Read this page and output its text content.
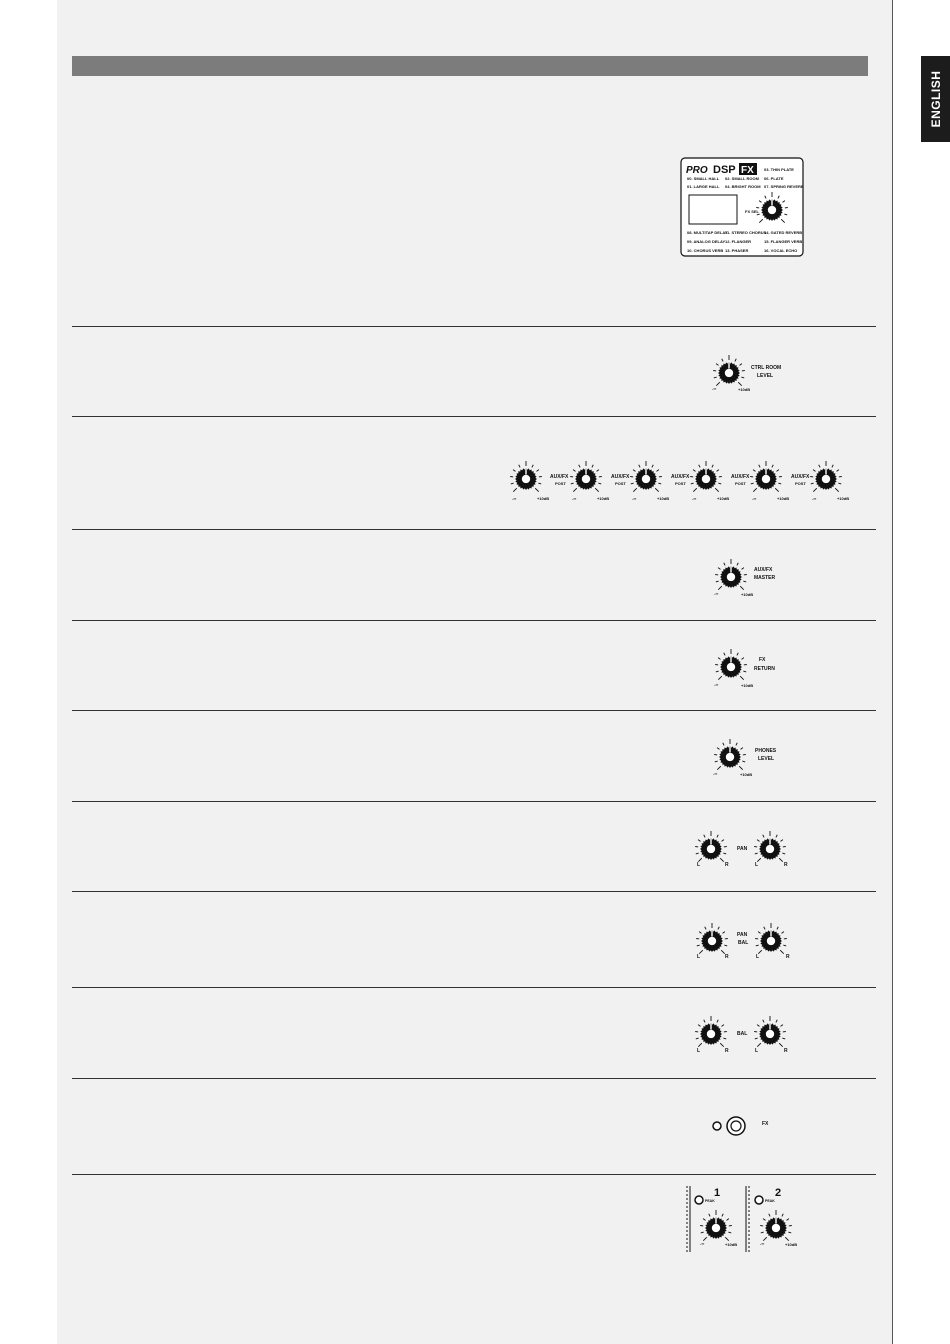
ENGLISH
PRO DSP FX	03. THIN PLATE
00. SMALL HALL 02. SMALL ROOM 06. PLATE
01. LARGE HALL 04. BRIGHT ROOM 07. SPRING REVERB
FX SEL
08. MULTITAP DELAY
11. STEREO CHORUS
14. GATED REVERB
09. ANALOG DELAY 12. FLANGER	15. FLANGER VERB
10. CHORUS VERB 13. PHASER	16. VOCAL ECHO
CTRL ROOM
LEVEL
-∞	+10dB
AUX/FX
POST
AUX/FX
POST
AUX/FX
POST
AUX/FX
POST
AUX/FX
POST
-∞	+10dB	-∞	+10dB	-∞	+10dB	-∞	+10dB	-∞	+10dB	-∞	+10dB
AUX/FX
MASTER
-∞	+10dB
FX
RETURN
-∞	+10dB
PHONES
LEVEL
-∞	+10dB
PAN
L	R	L	R
PAN
BAL
L	R	L	R
BAL
L	R	L	R
FX
1	2
PEAK	PEAK
-∞	+10dB	-∞	+10dB
